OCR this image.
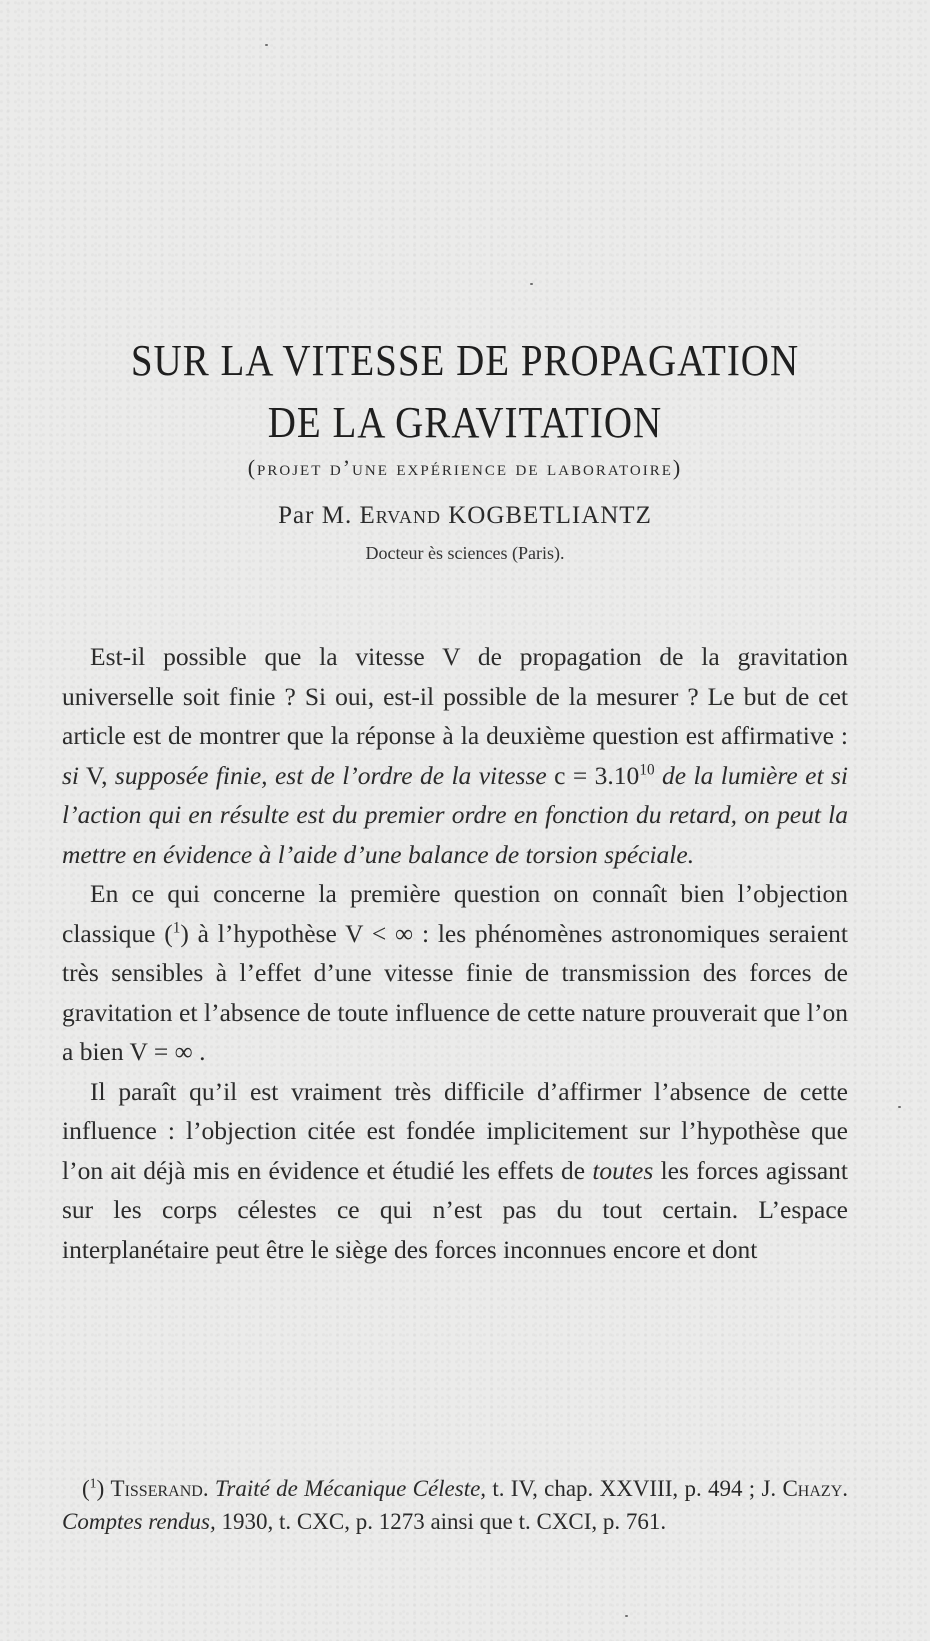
SUR LA VITESSE DE PROPAGATION
DE LA GRAVITATION
(projet d’une expérience de laboratoire)
Par M. Ervand KOGBETLIANTZ
Docteur ès sciences (Paris).

Est-il possible que la vitesse V de propagation de la gravitation universelle soit finie ? Si oui, est-il possible de la mesurer ? Le but de cet article est de montrer que la réponse à la deuxième question est affirmative : si V, supposée finie, est de l’ordre de la vitesse $c = 3.10^{10}$ de la lumière et si l’action qui en résulte est du premier ordre en fonction du retard, on peut la mettre en évidence à l’aide d’une balance de torsion spéciale.

En ce qui concerne la première question on connaît bien l’objection classique ($^1$) à l’hypothèse V < ∞ : les phénomènes astronomiques seraient très sensibles à l’effet d’une vitesse finie de transmission des forces de gravitation et l’absence de toute influence de cette nature prouverait que l’on a bien V = ∞ .

Il paraît qu’il est vraiment très difficile d’affirmer l’absence de cette influence : l’objection citée est fondée implicitement sur l’hypothèse que l’on ait déjà mis en évidence et étudié les effets de toutes les forces agissant sur les corps célestes ce qui n’est pas du tout certain. L’espace interplanétaire peut être le siège des forces inconnues encore et dont

($^1$) Tisserand. Traité de Mécanique Céleste, t. IV, chap. XXVIII, p. 494 ; J. Chazy. Comptes rendus, 1930, t. CXC, p. 1273 ainsi que t. CXCI, p. 761.
